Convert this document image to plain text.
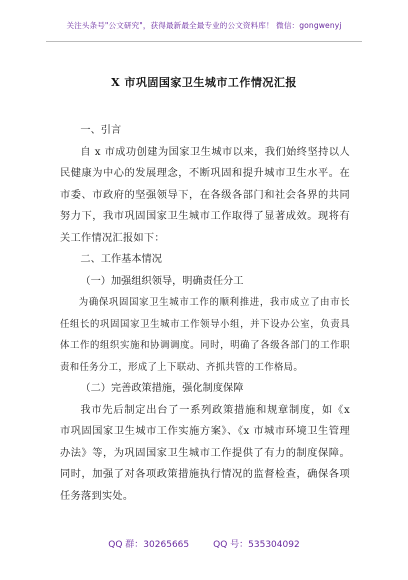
关注头条号"公文研究"，获得最新最全最专业的公文资料库！ 微信：gongwenyj
X 市巩固国家卫生城市工作情况汇报

一、引言

自 x 市成功创建为国家卫生城市以来，我们始终坚持以人民健康为中心的发展理念，不断巩固和提升城市卫生水平。在市委、市政府的坚强领导下，在各级各部门和社会各界的共同努力下，我市巩固国家卫生城市工作取得了显著成效。现将有关工作情况汇报如下：

二、工作基本情况

（一）加强组织领导，明确责任分工

为确保巩固国家卫生城市工作的顺利推进，我市成立了由市长任组长的巩固国家卫生城市工作领导小组，并下设办公室，负责具体工作的组织实施和协调调度。同时，明确了各级各部门的工作职责和任务分工，形成了上下联动、齐抓共管的工作格局。

（二）完善政策措施，强化制度保障

我市先后制定出台了一系列政策措施和规章制度，如《x 市巩固国家卫生城市工作实施方案》、《x 市城市环境卫生管理办法》等，为巩固国家卫生城市工作提供了有力的制度保障。同时，加强了对各项政策措施执行情况的监督检查，确保各项任务落到实处。

QQ 群：30265665	QQ 号：535304092
